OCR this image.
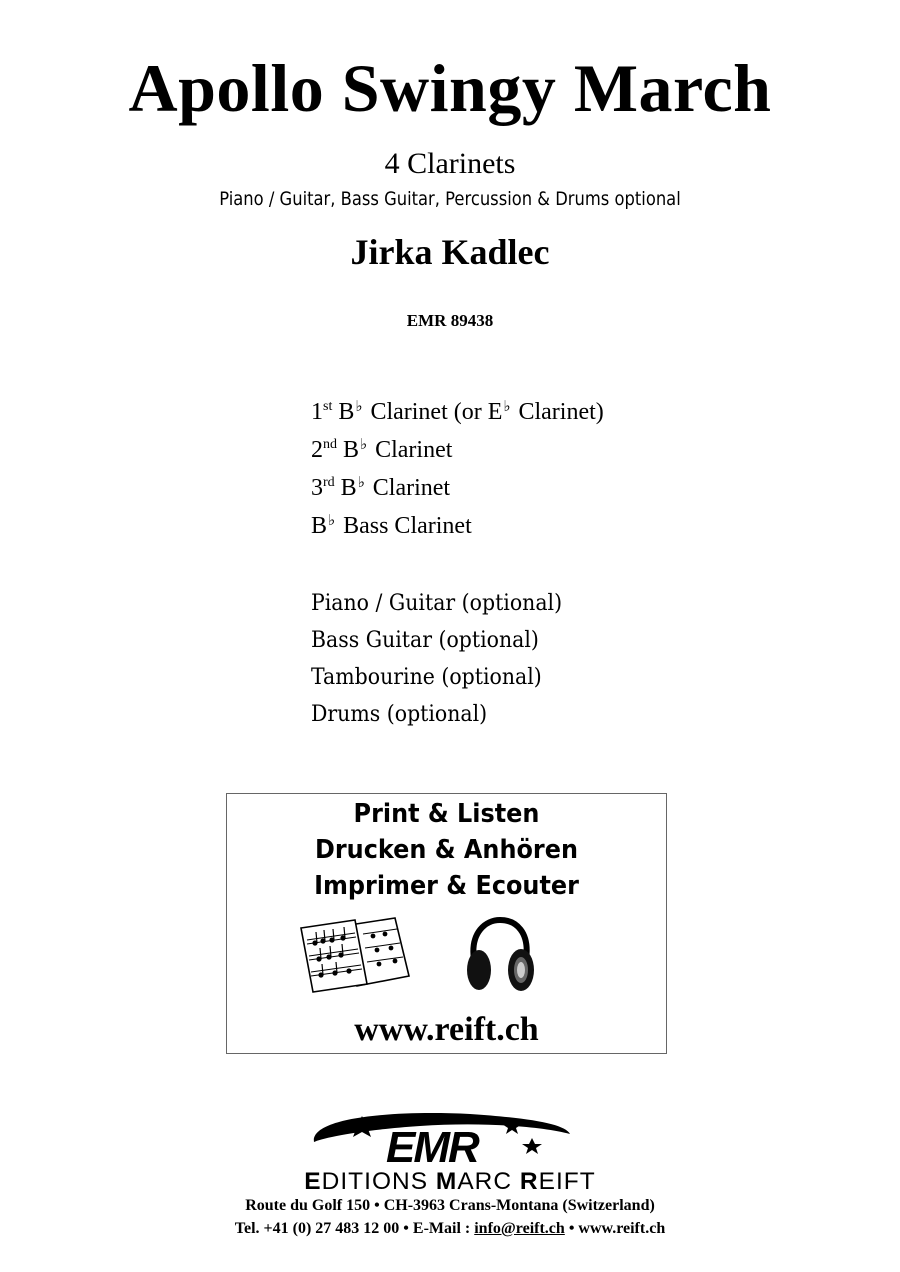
Apollo Swingy March
4 Clarinets
Piano / Guitar, Bass Guitar, Percussion & Drums optional
Jirka Kadlec
EMR 89438
1st B♭ Clarinet (or E♭ Clarinet)
2nd B♭ Clarinet
3rd B♭ Clarinet
B♭ Bass Clarinet
Piano / Guitar (optional)
Bass Guitar (optional)
Tambourine (optional)
Drums (optional)
Print & Listen
Drucken & Anhören
Imprimer & Ecouter
www.reift.ch
EMR
EDITIONS MARC REIFT
Route du Golf 150 • CH-3963 Crans-Montana (Switzerland)
Tel. +41 (0) 27 483 12 00 • E-Mail : info@reift.ch • www.reift.ch
